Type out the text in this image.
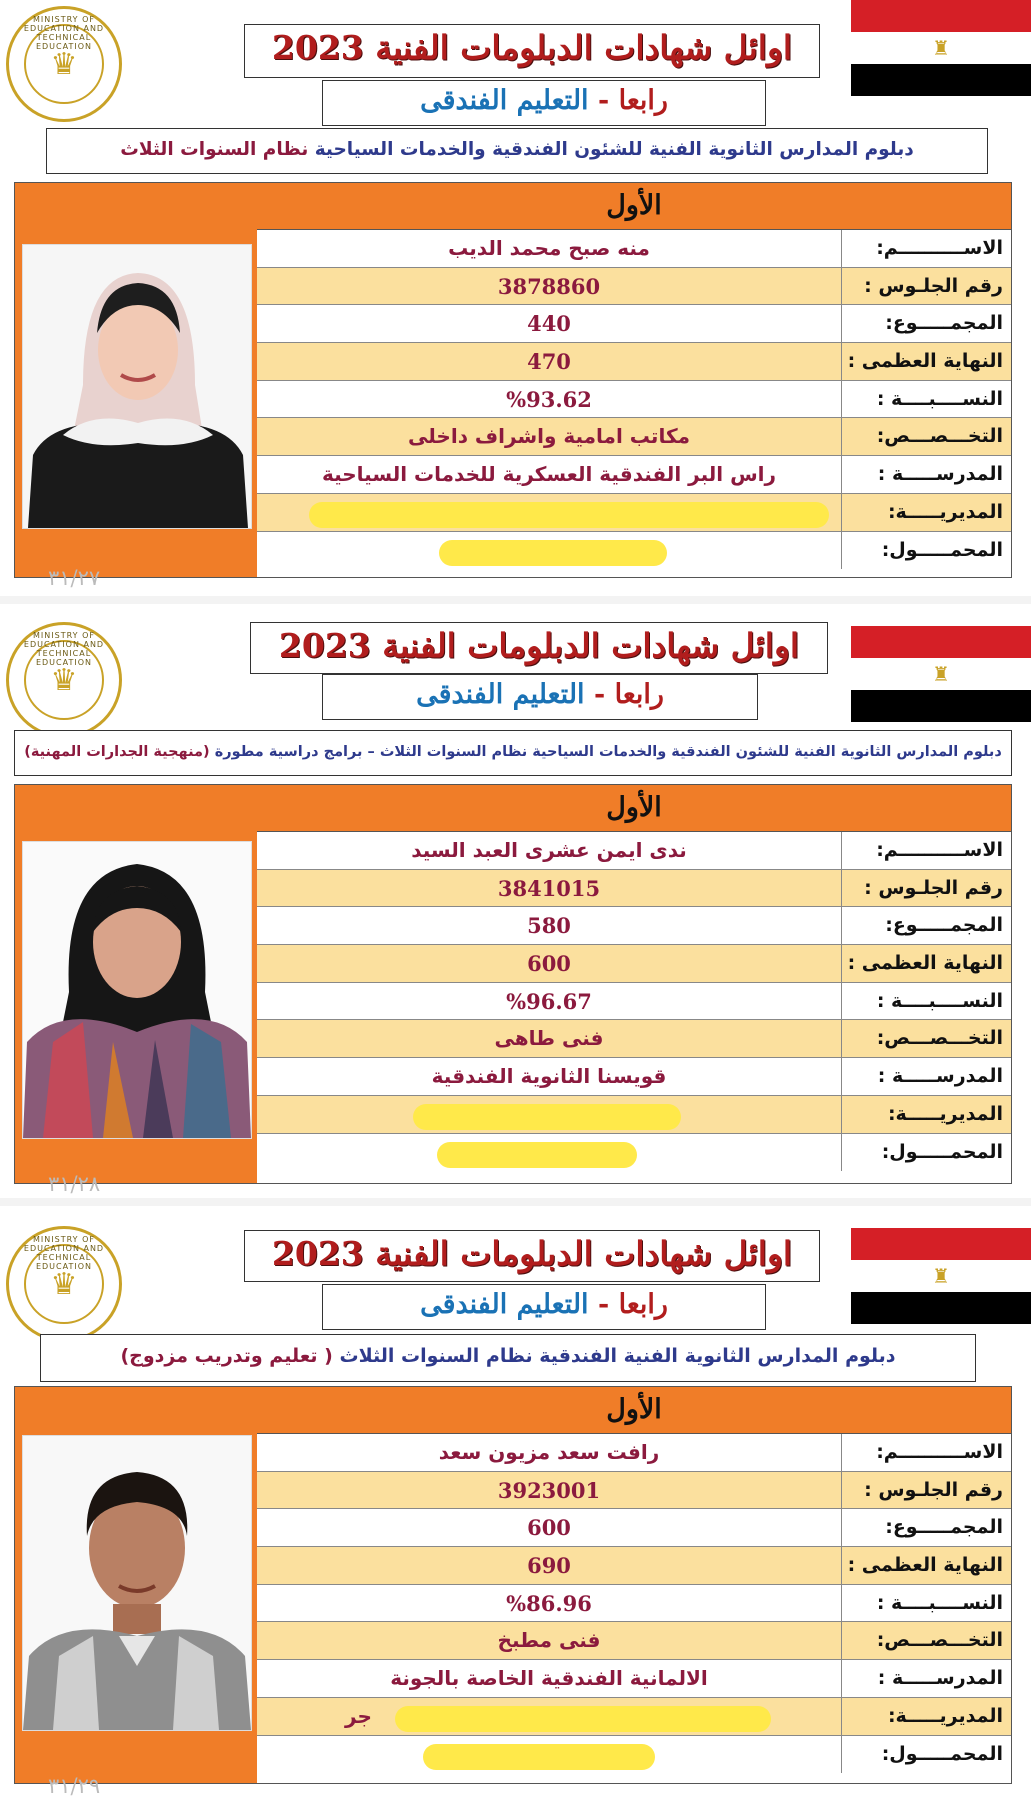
MINISTRY OF EDUCATION AND TECHNICAL EDUCATION
♛	♜
اوائل شهادات الدبلومات الفنية 2023
رابعا - التعليم الفندقى
دبلوم المدارس الثانوية الفنية للشئون الفندقية والخدمات السياحية نظام السنوات الثلاث
الأول
منه صبح محمد الديب	الاســــــــــم:
3878860	رقم الجلـوس :
440	المجمـــــوع:
470	النهاية العظمى :
%93.62	النســــبــــة :
مكاتب امامية واشراف داخلى	التخـــصـــص:
راس البر الفندقية العسكرية للخدمات السياحية	المدرســـــة :
المديريـــــة:
المحمـــــول:
٣١/٢٧
MINISTRY OF EDUCATION AND TECHNICAL EDUCATION
♛	♜
اوائل شهادات الدبلومات الفنية 2023
رابعا - التعليم الفندقى
دبلوم المدارس الثانوية الفنية للشئون الفندقية والخدمات السياحية نظام السنوات الثلاث – برامج دراسية مطورة (منهجية الجدارات المهنية)
الأول
ندى ايمن عشرى العبد السيد	الاســــــــــم:
3841015	رقم الجلـوس :
580	المجمـــــوع:
600	النهاية العظمى :
%96.67	النســــبــــة :
فنى طاهى	التخـــصـــص:
قويسنا الثانوية الفندقية	المدرســـــة :
المديريـــــة:
المحمـــــول:
٣١/٢٨
MINISTRY OF EDUCATION AND TECHNICAL EDUCATION
♛	♜
اوائل شهادات الدبلومات الفنية 2023
رابعا - التعليم الفندقى
دبلوم المدارس الثانوية الفنية الفندقية نظام السنوات الثلاث ( تعليم وتدريب مزدوج)
الأول
رافت سعد مزيون سعد	الاســــــــــم:
3923001	رقم الجلـوس :
600	المجمـــــوع:
690	النهاية العظمى :
%86.96	النســــبــــة :
فنى مطبخ	التخـــصـــص:
الالمانية الفندقية الخاصة بالجونة	المدرســـــة :
جر	المديريـــــة:
المحمـــــول:
٣١/٢٩
